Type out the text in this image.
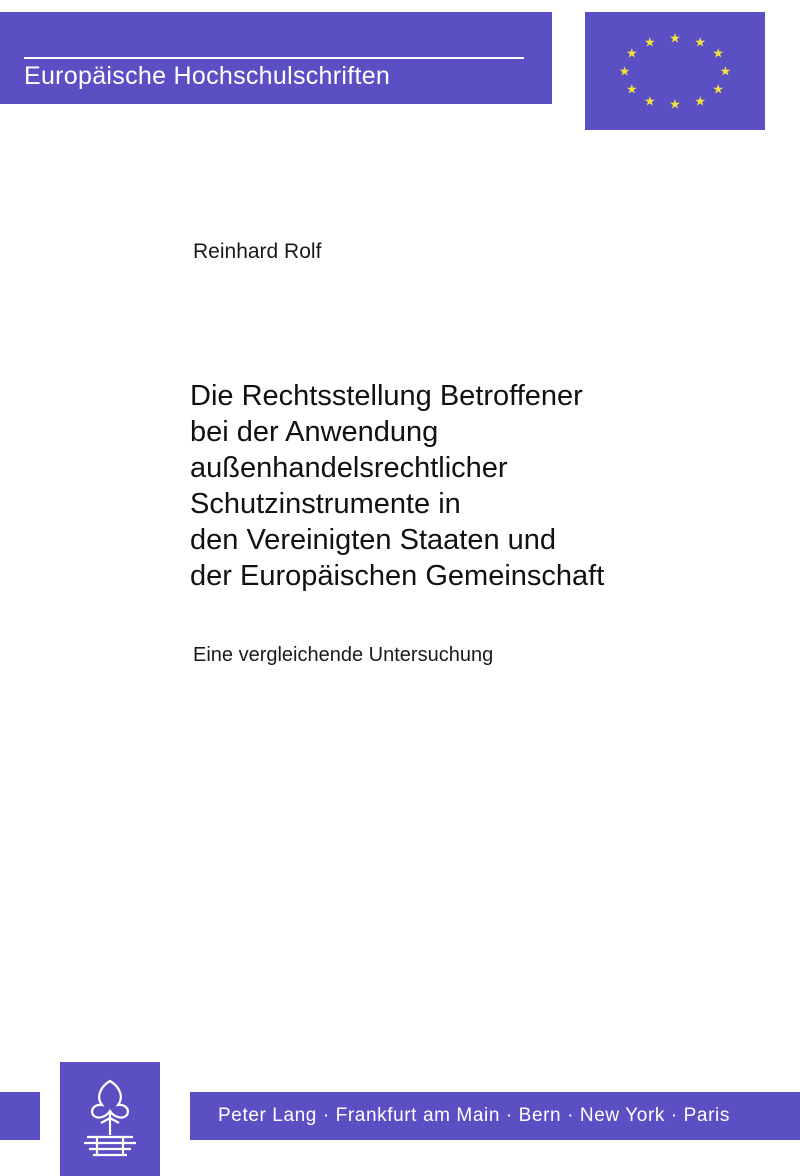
Europäische Hochschulschriften
★ ★
★
★
★
★
★
★
★
★
★
★
Reinhard Rolf
Die Rechtsstellung Betroffener
bei der Anwendung
außenhandelsrechtlicher
Schutzinstrumente in
den Vereinigten Staaten und
der Europäischen Gemeinschaft
Eine vergleichende Untersuchung
Peter Lang · Frankfurt am Main · Bern · New York · Paris
